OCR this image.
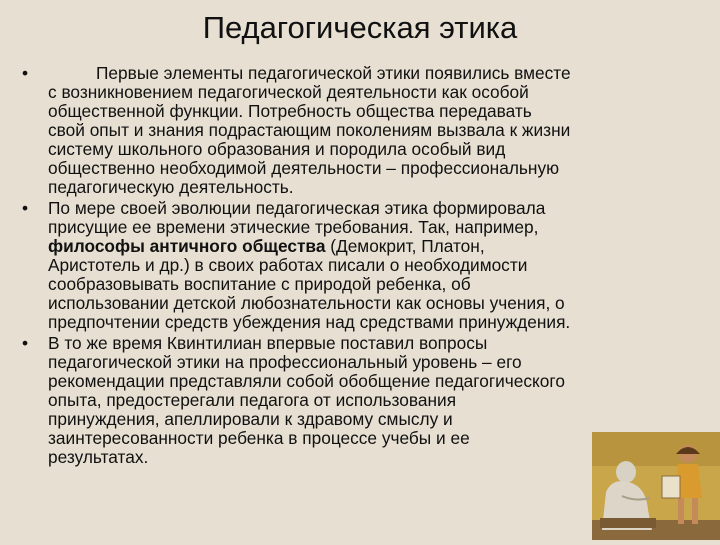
Педагогическая этика
•	Первые элементы педагогической этики появились вместе
с возникновением педагогической деятельности как особой
общественной функции. Потребность общества передавать
свой опыт и знания подрастающим поколениям вызвала к жизни
систему школьного образования и породила особый вид
общественно необходимой деятельности – профессиональную
педагогическую деятельность.
• По мере своей эволюции педагогическая этика формировала
присущие ее времени этические требования. Так, например,
философы античного общества (Демокрит, Платон,
Аристотель и др.) в своих работах писали о необходимости
сообразовывать воспитание с природой ребенка, об
использовании детской любознательности как основы учения, о
предпочтении средств убеждения над средствами принуждения.
• В то же время Квинтилиан впервые поставил вопросы
педагогической этики на профессиональный уровень – его
рекомендации представляли собой обобщение педагогического
опыта, предостерегали педагога от использования
принуждения, апеллировали к здравому смыслу и
заинтересованности ребенка в процессе учебы и ее
результатах.
